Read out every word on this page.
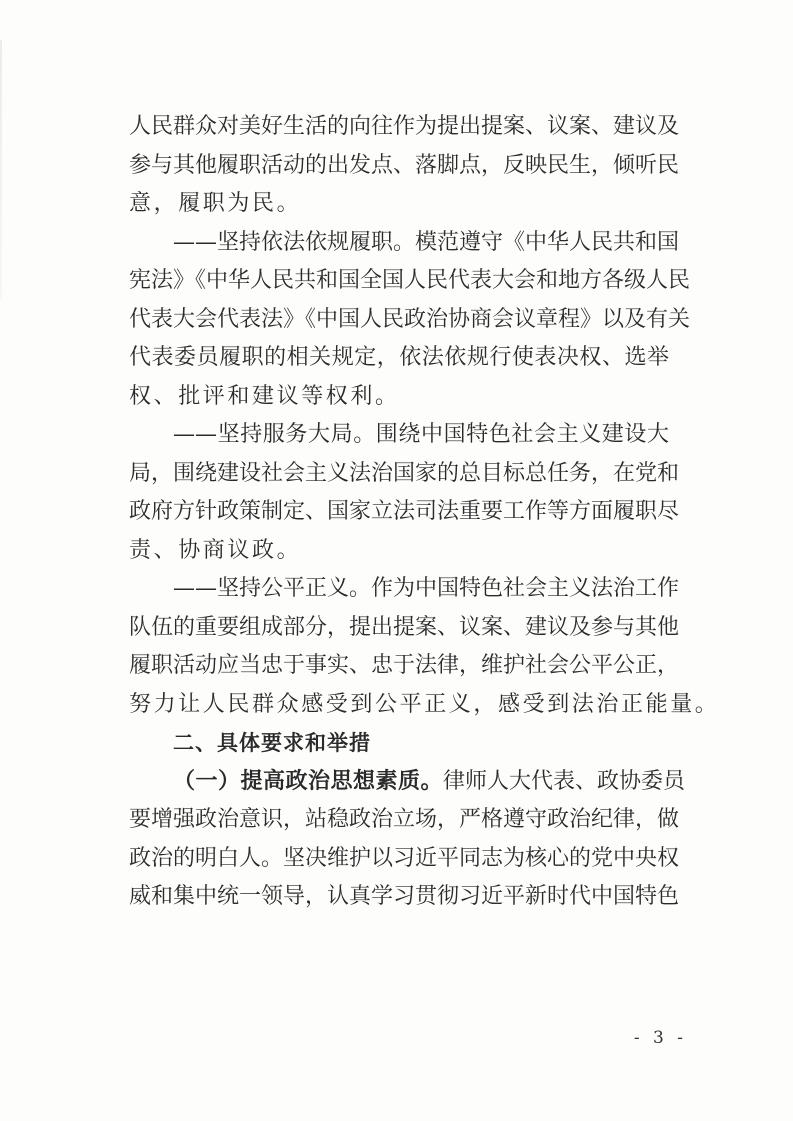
人民群众对美好生活的向往作为提出提案、议案、建议及
参与其他履职活动的出发点、落脚点，反映民生，倾听民
意，履职为民。
——坚持依法依规履职。模范遵守《中华人民共和国
宪法》《中华人民共和国全国人民代表大会和地方各级人民
代表大会代表法》《中国人民政治协商会议章程》以及有关
代表委员履职的相关规定，依法依规行使表决权、选举
权、批评和建议等权利。
——坚持服务大局。围绕中国特色社会主义建设大
局，围绕建设社会主义法治国家的总目标总任务，在党和
政府方针政策制定、国家立法司法重要工作等方面履职尽
责、协商议政。
——坚持公平正义。作为中国特色社会主义法治工作
队伍的重要组成部分，提出提案、议案、建议及参与其他
履职活动应当忠于事实、忠于法律，维护社会公平公正，
努力让人民群众感受到公平正义，感受到法治正能量。
二、具体要求和举措
（一）提高政治思想素质。律师人大代表、政协委员
要增强政治意识，站稳政治立场，严格遵守政治纪律，做
政治的明白人。坚决维护以习近平同志为核心的党中央权
威和集中统一领导，认真学习贯彻习近平新时代中国特色
- 3 -
